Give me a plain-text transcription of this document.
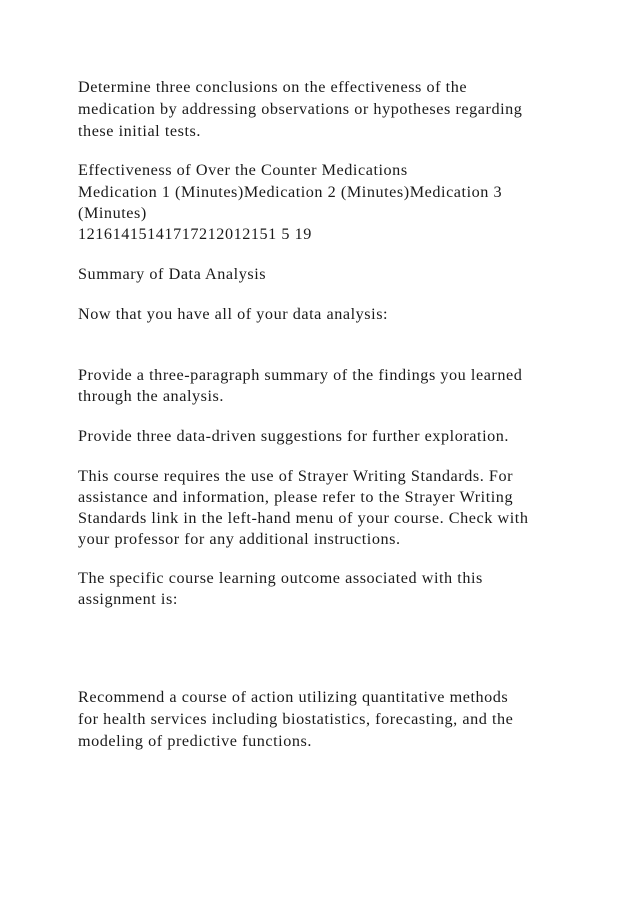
Determine three conclusions on the effectiveness of the

medication by addressing observations or hypotheses regarding

these initial tests.

Effectiveness of Over the Counter Medications

Medication 1 (Minutes)Medication 2 (Minutes)Medication 3

(Minutes)

12161415141717212012151 5 19

Summary of Data Analysis

Now that you have all of your data analysis:

Provide a three-paragraph summary of the findings you learned

through the analysis.

Provide three data-driven suggestions for further exploration.

This course requires the use of Strayer Writing Standards. For

assistance and information, please refer to the Strayer Writing

Standards link in the left-hand menu of your course. Check with

your professor for any additional instructions.

The specific course learning outcome associated with this

assignment is:

Recommend a course of action utilizing quantitative methods

for health services including biostatistics, forecasting, and the

modeling of predictive functions.
